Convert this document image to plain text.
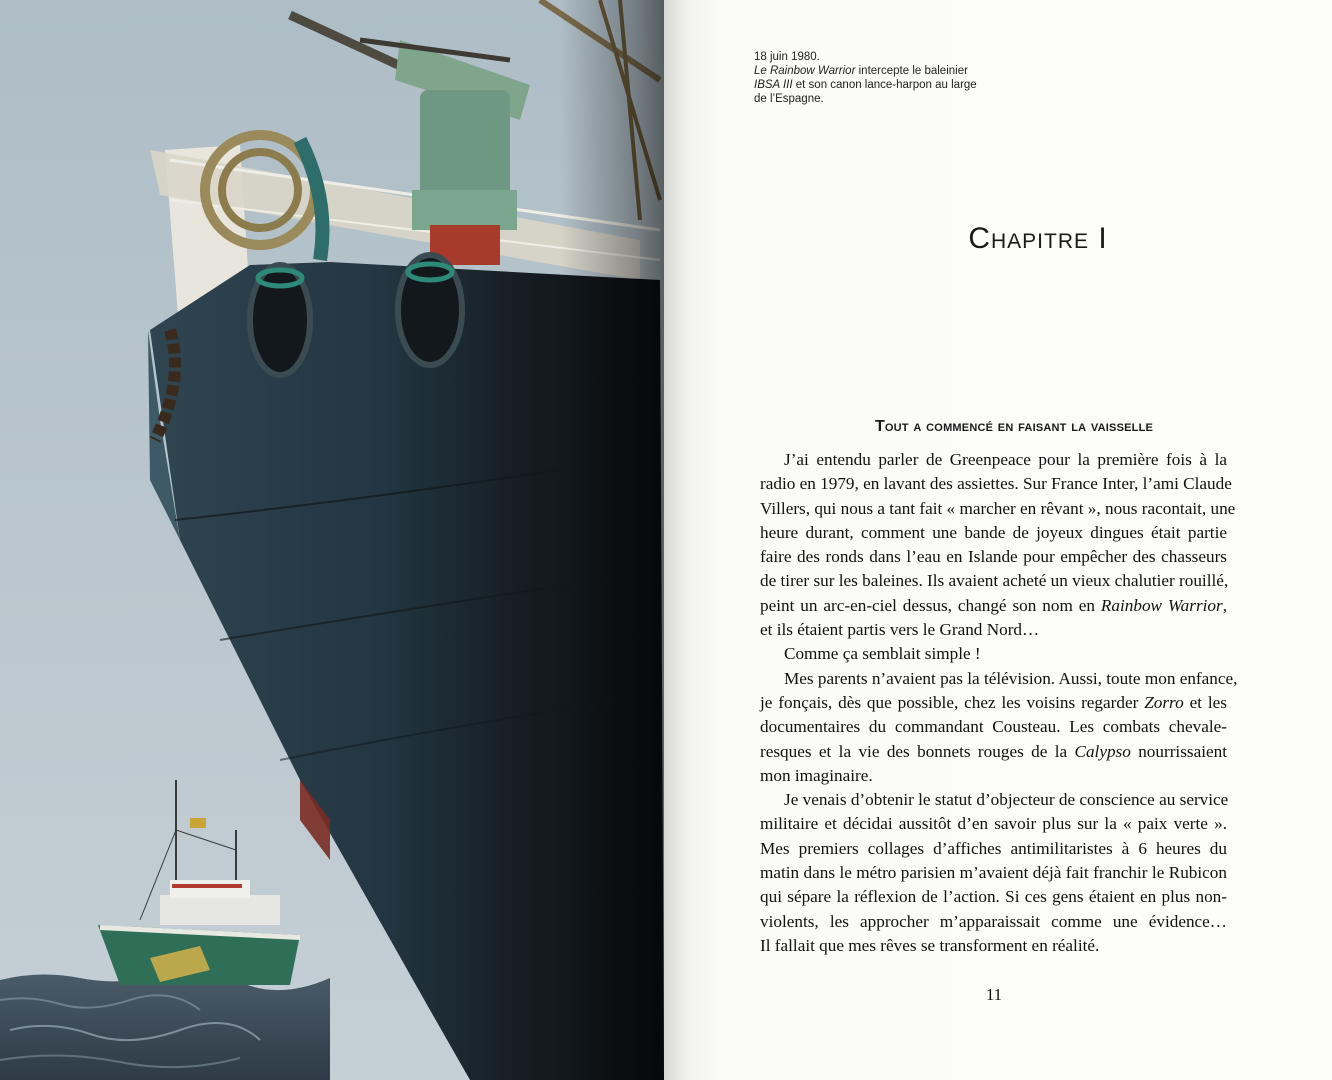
18 juin 1980.
Le Rainbow Warrior intercepte le baleinier
IBSA III et son canon lance-harpon au large
de l’Espagne.
Chapitre I
Tout a commencé en faisant la vaisselle
J’ai entendu parler de Greenpeace pour la première fois à la
radio en 1979, en lavant des assiettes. Sur France Inter, l’ami Claude
Villers, qui nous a tant fait « marcher en rêvant », nous racontait, une
heure durant, comment une bande de joyeux dingues était partie
faire des ronds dans l’eau en Islande pour empêcher des chasseurs
de tirer sur les baleines. Ils avaient acheté un vieux chalutier rouillé,
peint un arc-en-ciel dessus, changé son nom en Rainbow Warrior,
et ils étaient partis vers le Grand Nord…
Comme ça semblait simple !
Mes parents n’avaient pas la télévision. Aussi, toute mon enfance,
je fonçais, dès que possible, chez les voisins regarder Zorro et les
documentaires du commandant Cousteau. Les combats chevale-
resques et la vie des bonnets rouges de la Calypso nourrissaient
mon imaginaire.
Je venais d’obtenir le statut d’objecteur de conscience au service
militaire et décidai aussitôt d’en savoir plus sur la « paix verte ».
Mes premiers collages d’affiches antimilitaristes à 6 heures du
matin dans le métro parisien m’avaient déjà fait franchir le Rubicon
qui sépare la réflexion de l’action. Si ces gens étaient en plus non-
violents, les approcher m’apparaissait comme une évidence…
Il fallait que mes rêves se transforment en réalité.
11
